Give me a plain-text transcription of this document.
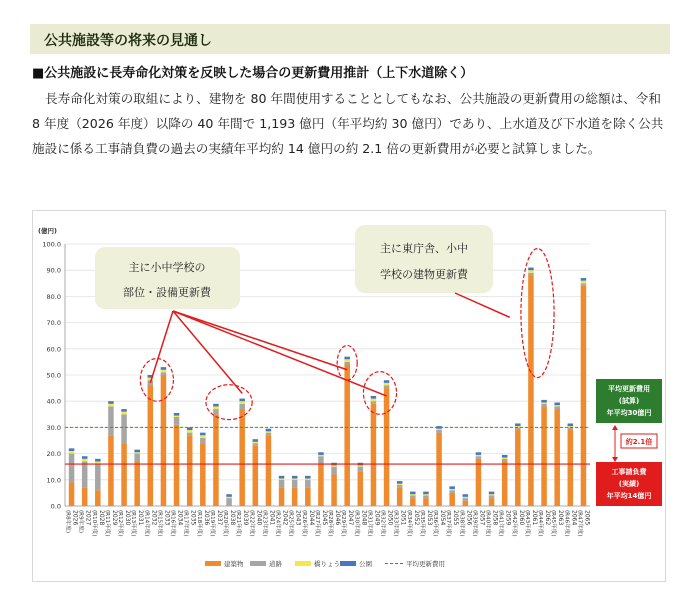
公共施設等の将来の見通し
■公共施設に長寿命化対策を反映した場合の更新費用推計（上下水道除く）
長寿命化対策の取組により、建物を 80 年間使用することとしてもなお、公共施設の更新費用の総額は、令和 8 年度（2026 年度）以降の 40 年間で 1,193 億円（年平均約 30 億円）であり、上水道及び下水道を除く公共施設に係る工事請負費の過去の実績年平均約 14 億円の約 2.1 倍の更新費用が必要と試算しました。
(億円)
0.0
10.0
20.0
30.0
40.0
50.0
60.0
70.0
80.0
90.0
100.0
2026
(R8年度)	2027
(R9年度)	2028
(R10年度)	2029
(R11年度)	2030
(R12年度)	2031
(R13年度)	2032
(R14年度)	2033
(R15年度)	2034
(R16年度)	2035
(R17年度)	2036
(R18年度)	2037
(R19年度)	2038
(R20年度)	2039
(R21年度)	2040
(R22年度)	2041
(R23年度)	2042
(R24年度)	2043
(R25年度)	2044
(R26年度)	2045
(R27年度)	2046
(R28年度)	2047
(R29年度)	2048
(R30年度)	2049
(R31年度)	2050
(R32年度)	2051
(R33年度)	2052
(R34年度)	2053
(R35年度)	2054
(R36年度)	2055
(R37年度)	2056
(R38年度)	2057
(R39年度)	2058
(R40年度)	2059
(R41年度)	2060
(R42年度)	2061
(R43年度)	2062
(R44年度)	2063
(R45年度)	2064
(R46年度)	2065
(R47年度)
主に小中学校の
部位・設備更新費
主に東庁舎、小中
学校の建物更新費
平均更新費用
(試算)
年平均30億円
約2.1倍
工事請負費
(実績)
年平均14億円
建築物	道路	橋りょう	公園	平均更新費用
